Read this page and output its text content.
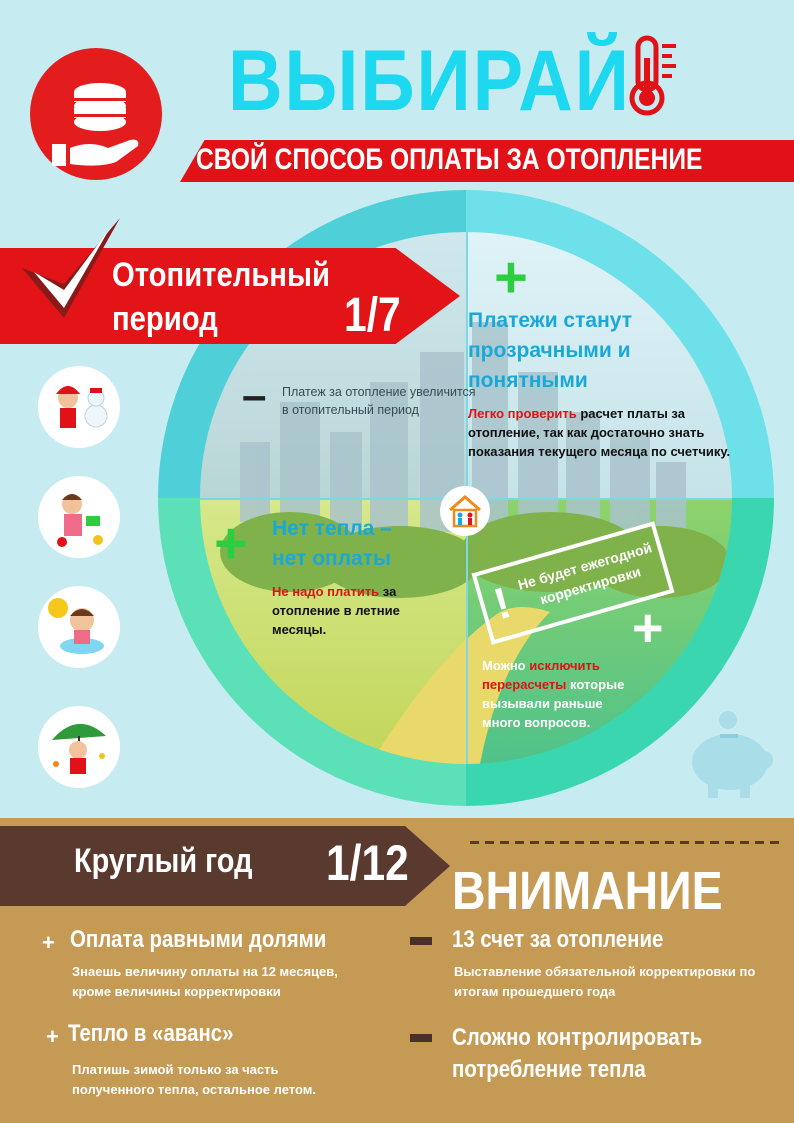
ВЫБИРАЙ
СВОЙ СПОСОБ ОПЛАТЫ ЗА ОТОПЛЕНИЕ
Отопительный
период	1/7
– Платеж за отопление увеличится в отопительный период
+
Платежи станут прозрачными и понятными
Легко проверить расчет платы за отопление, так как достаточно знать показания текущего месяца по счетчику.
+ Нет тепла – нет оплаты
Не надо платить за отопление в летние месяцы.
!
Не будет ежегодной корректировки
+
Можно исключить перерасчеты которые вызывали раньше много вопросов.
Круглый год 1/12 ВНИМАНИЕ
+ Оплата равными долями
Знаешь величину оплаты на 12 месяцев, кроме величины корректировки
+ Тепло в «аванс»
Платишь зимой только за часть полученного тепла, остальное летом.
13 счет за отопление
Выставление обязательной корректировки по итогам прошедшего года
Сложно контролировать потребление тепла
